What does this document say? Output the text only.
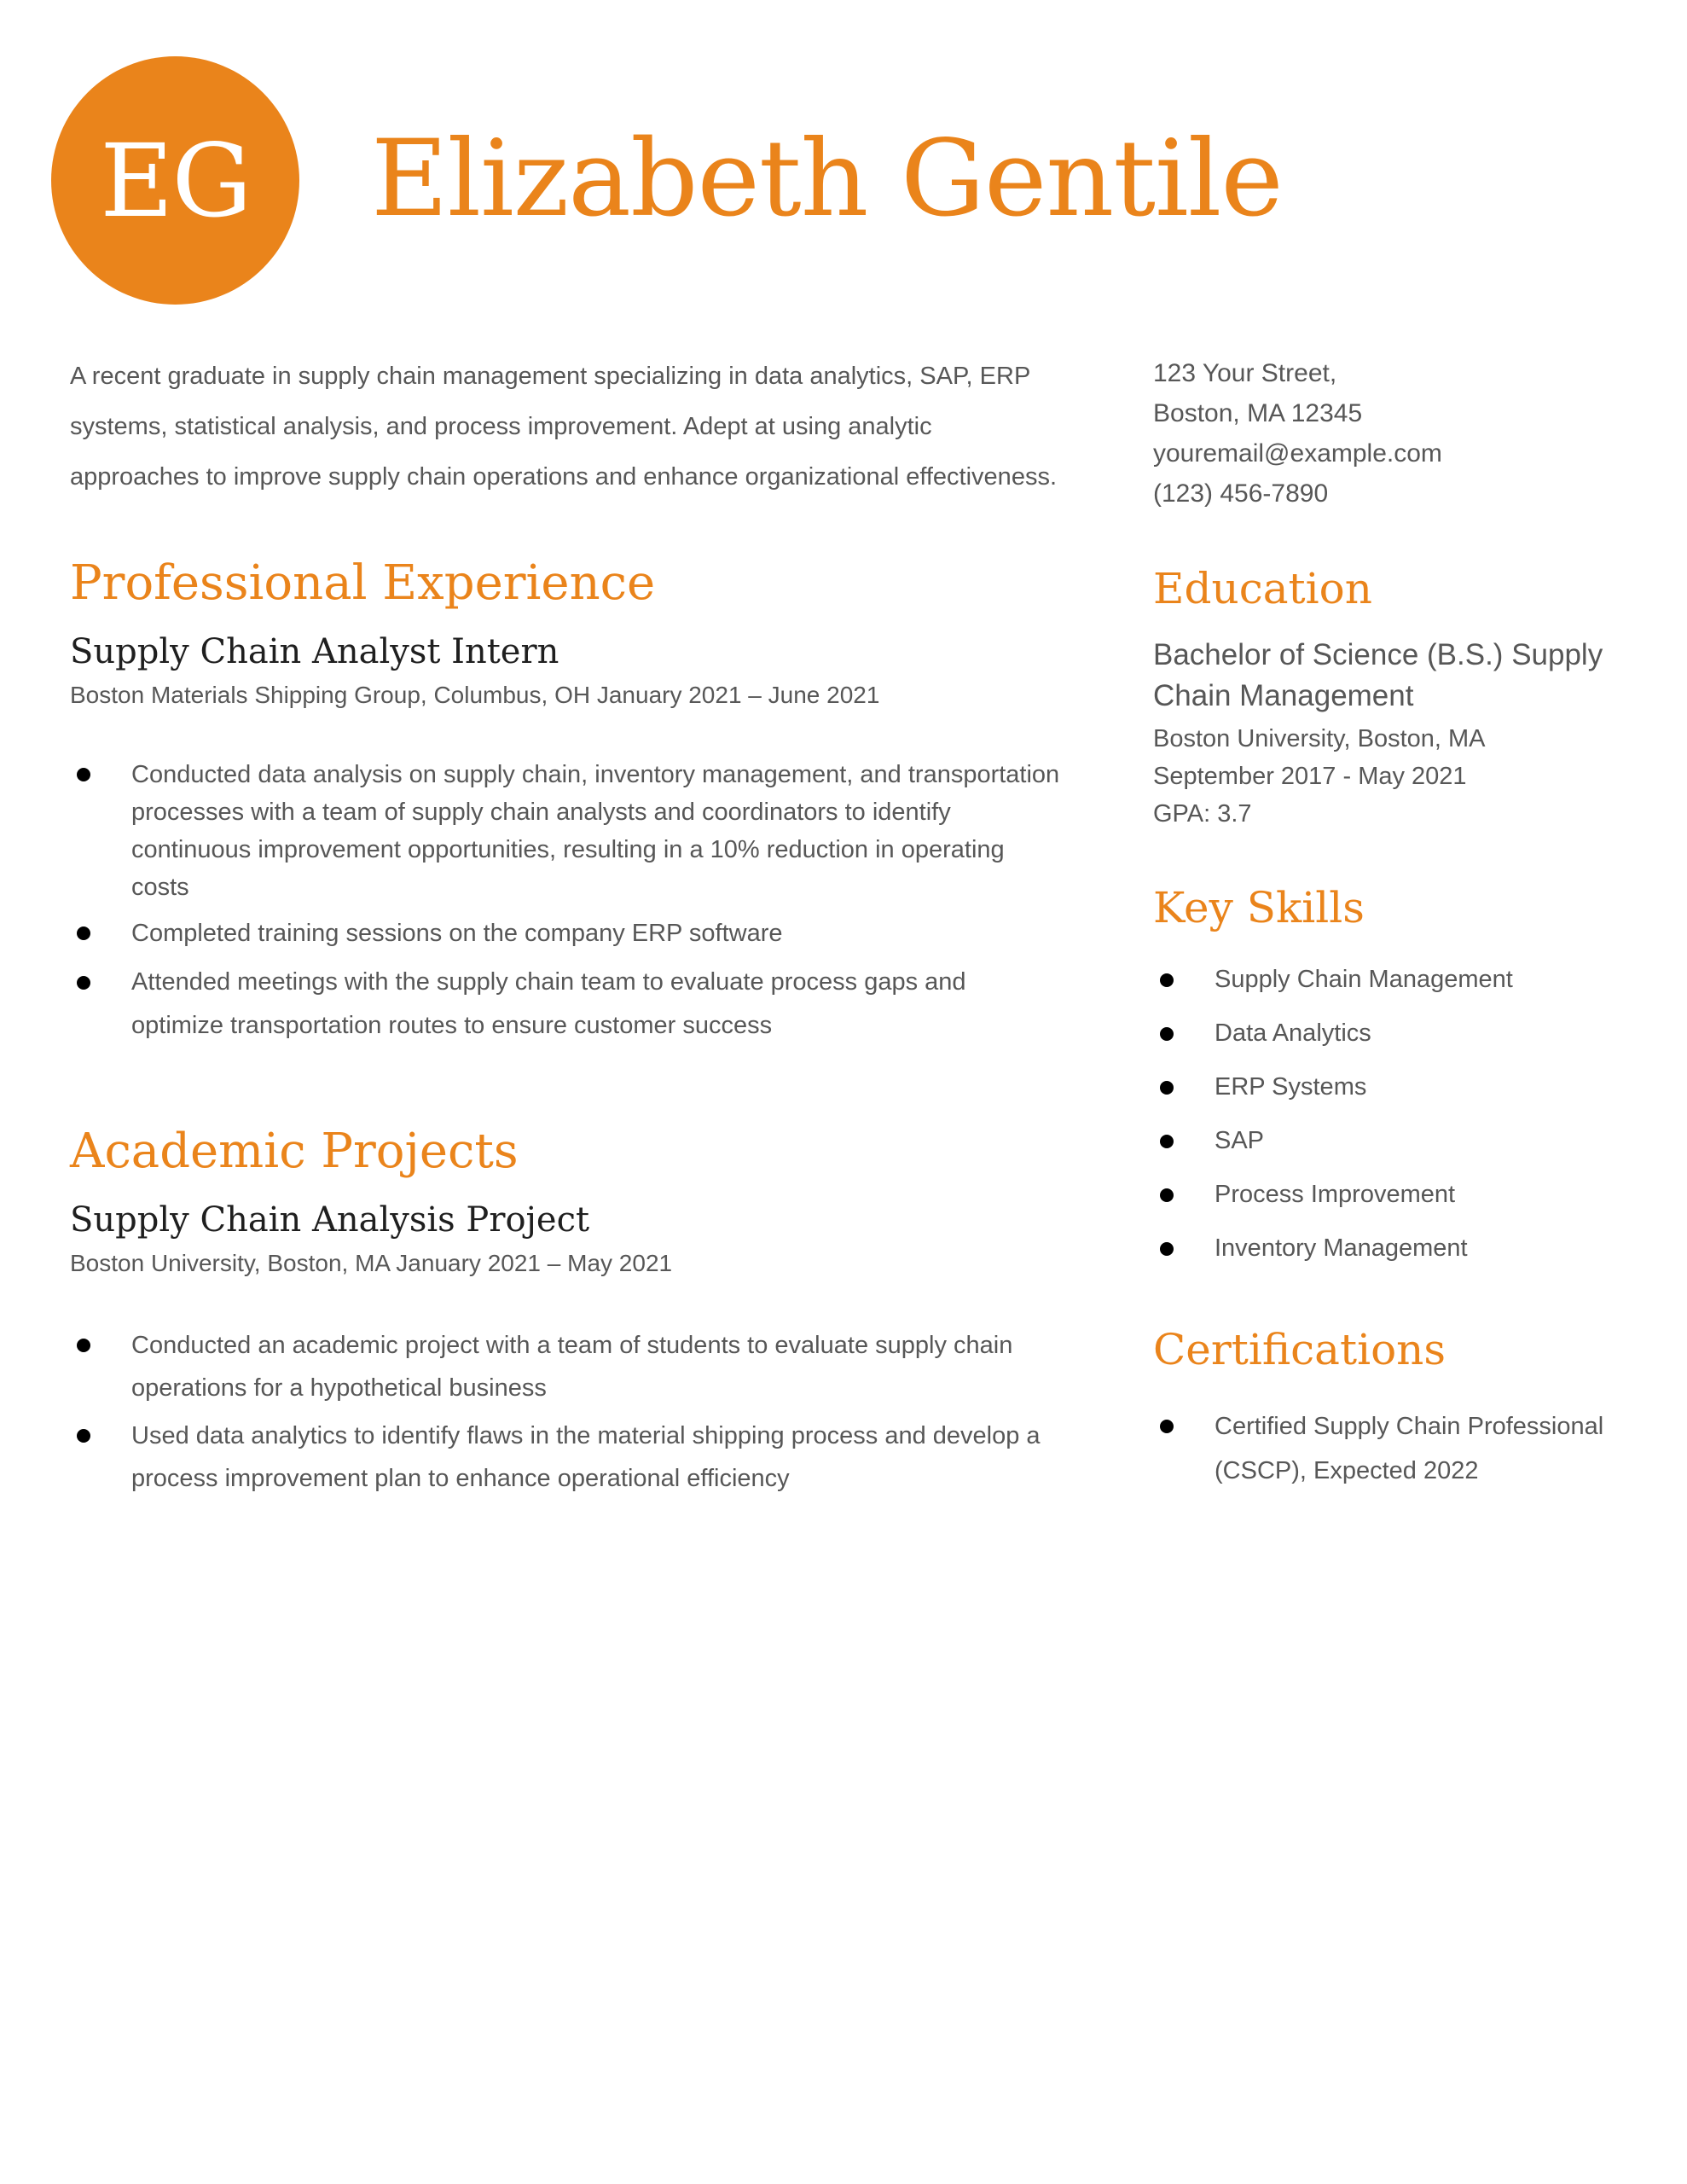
EG Elizabeth Gentile

A recent graduate in supply chain management specializing in data analytics, SAP, ERP systems, statistical analysis, and process improvement. Adept at using analytic approaches to improve supply chain operations and enhance organizational effectiveness.

Professional Experience
Supply Chain Analyst Intern

Boston Materials Shipping Group, Columbus, OH January 2021 – June 2021

Conducted data analysis on supply chain, inventory management, and transportation processes with a team of supply chain analysts and coordinators to identify continuous improvement opportunities, resulting in a 10% reduction in operating costs
Completed training sessions on the company ERP software
Attended meetings with the supply chain team to evaluate process gaps and optimize transportation routes to ensure customer success
Academic Projects
Supply Chain Analysis Project

Boston University, Boston, MA January 2021 – May 2021

Conducted an academic project with a team of students to evaluate supply chain operations for a hypothetical business
Used data analytics to identify flaws in the material shipping process and develop a process improvement plan to enhance operational efficiency

123 Your Street,

Boston, MA 12345

youremail@example.com

(123) 456-7890

Education

Bachelor of Science (B.S.) Supply Chain Management

Boston University, Boston, MA

September 2017 - May 2021

GPA: 3.7

Key Skills
Supply Chain Management
Data Analytics
ERP Systems
SAP
Process Improvement
Inventory Management
Certifications
Certified Supply Chain Professional (CSCP), Expected 2022
